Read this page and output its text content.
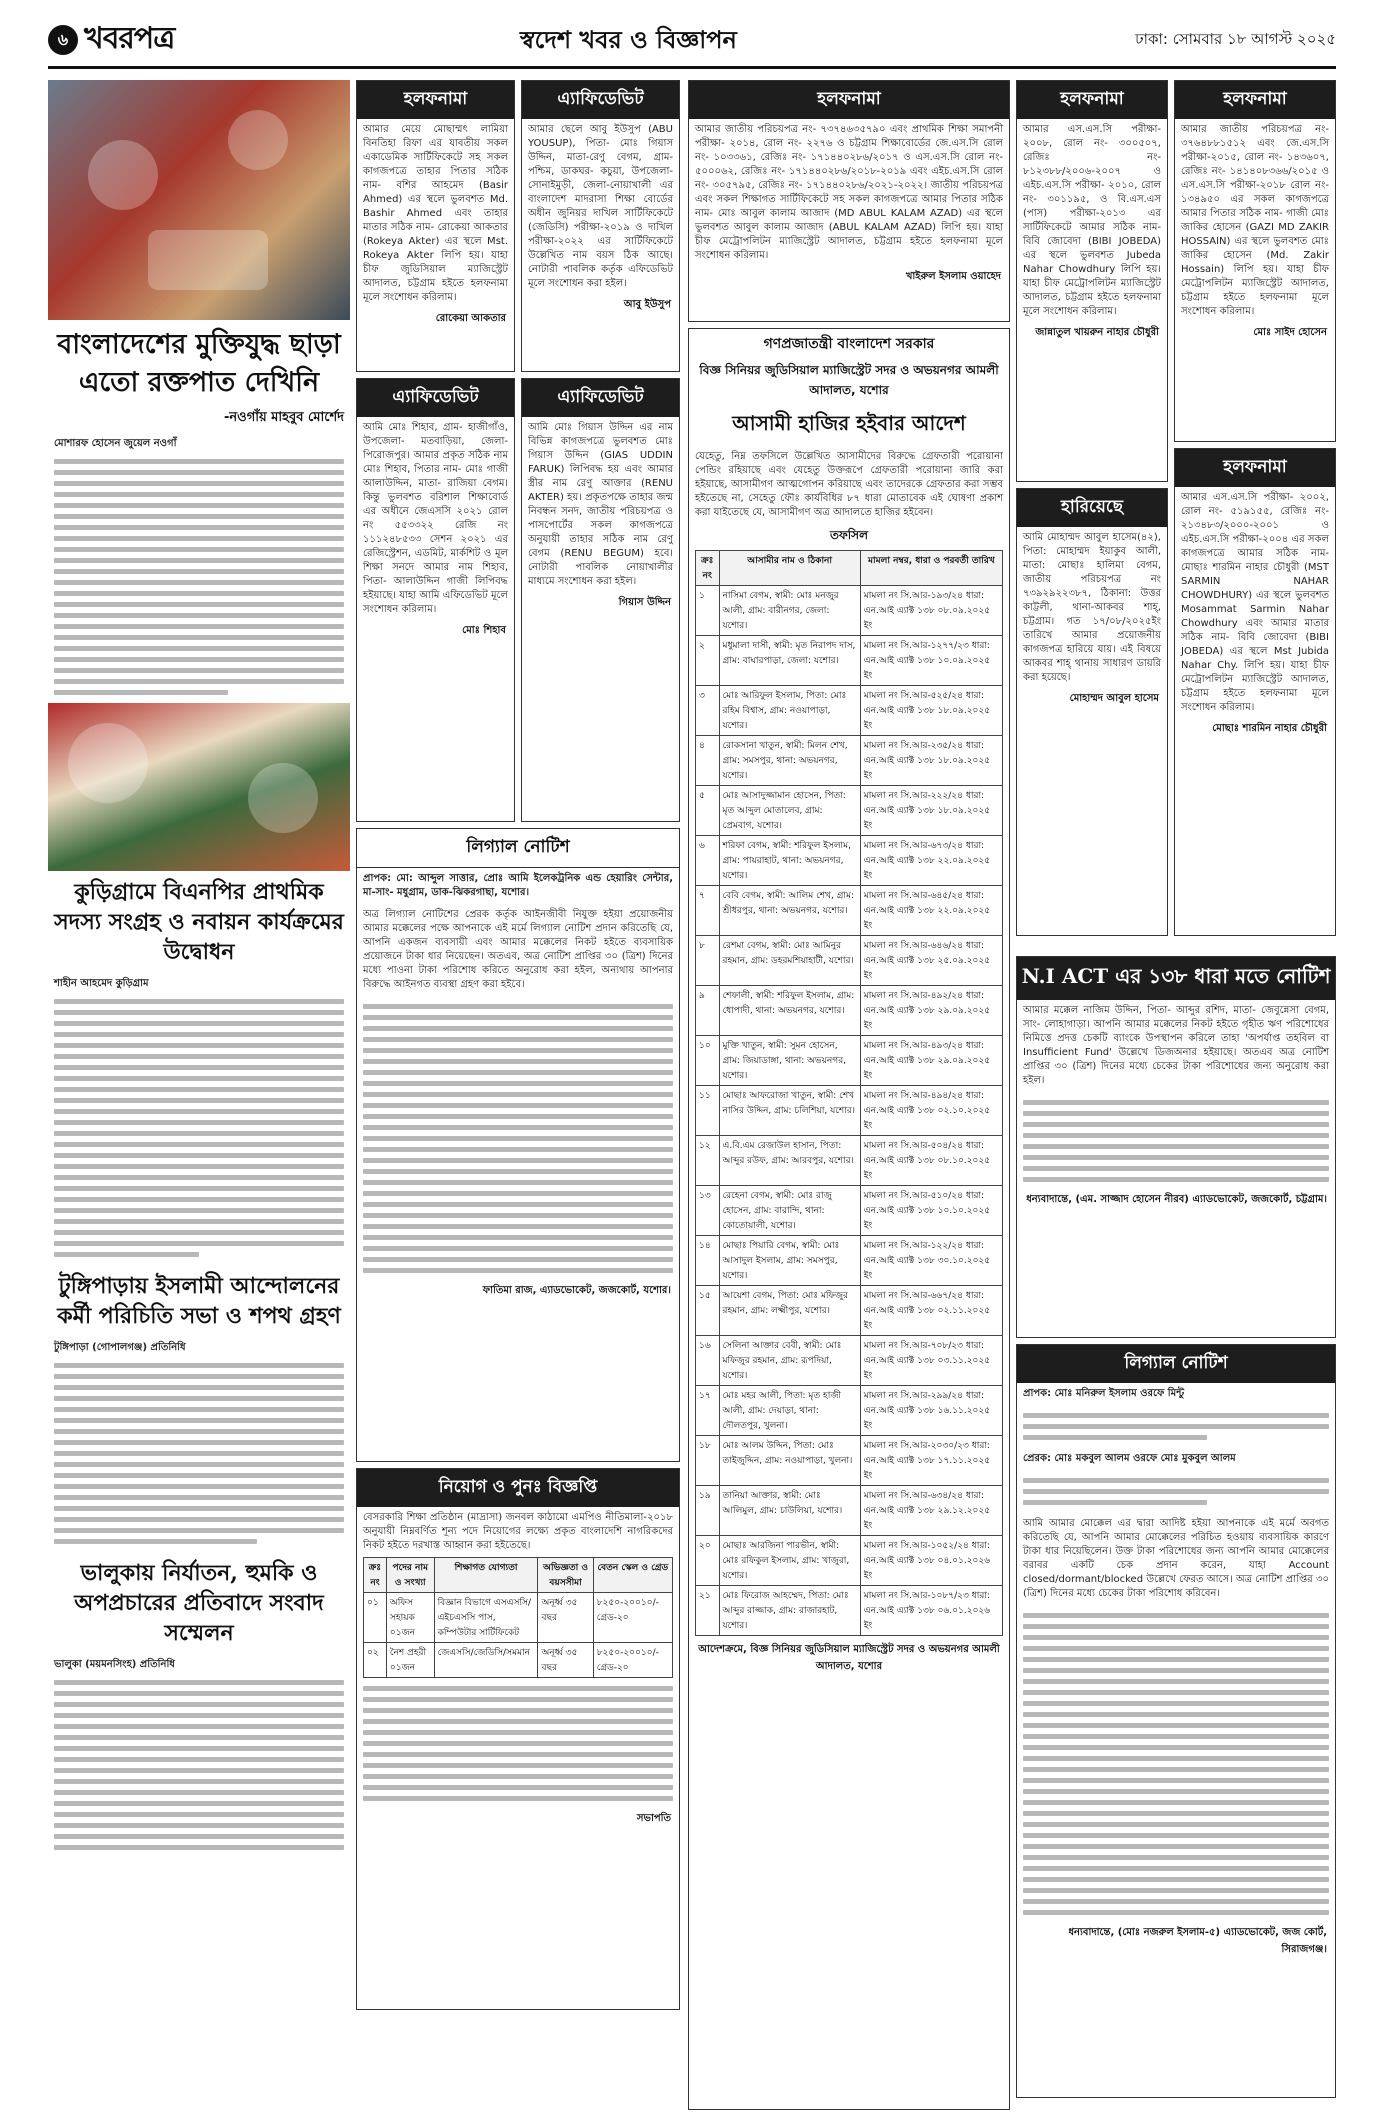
৬ খবরপত্র	স্বদেশ খবর ও বিজ্ঞাপন	ঢাকা: সোমবার ১৮ আগস্ট ২০২৫
বাংলাদেশের মুক্তিযুদ্ধ ছাড়া এতো রক্তপাত দেখিনি
-নওগাঁয় মাহবুব মোর্শেদ
মোশারফ হোসেন জুয়েল নওগাঁ
কুড়িগ্রামে বিএনপির প্রাথমিক সদস্য সংগ্রহ ও নবায়ন কার্যক্রমের উদ্বোধন
শাহীন আহমেদ কুড়িগ্রাম
টুঙ্গিপাড়ায় ইসলামী আন্দোলনের কর্মী পরিচিতি সভা ও শপথ গ্রহণ
টুঙ্গিপাড়া (গোপালগঞ্জ) প্রতিনিধি
ভালুকায় নির্যাতন, হুমকি ও অপপ্রচারের প্রতিবাদে সংবাদ সম্মেলন
ভালুকা (ময়মনসিংহ) প্রতিনিধি
হলফনামা
আমার মেয়ে মোছাম্মৎ লামিয়া বিনতিহা রিফা এর যাবতীয় সকল একাডেমিক সার্টিফিকেটে সহ সকল কাগজপত্রে তাহার পিতার সঠিক নাম- বশির আহমেদ (Basir Ahmed) এর স্থলে ভুলবশত Md. Bashir Ahmed এবং তাহার মাতার সঠিক নাম- রোকেয়া আকতার (Rokeya Akter) এর স্থলে Mst. Rokeya Akter লিপি হয়। যাহা চীফ জুডিসিয়াল ম্যাজিস্ট্রেট আদালত, চট্টগ্রাম হইতে হলফনামা মূলে সংশোধন করিলাম।
রোকেয়া আকতার
এ্যাফিডেভিট
আমি মোঃ শিহাব, গ্রাম- হাজীগাঁও, উপজেলা- মতবাড়িয়া, জেলা-পিরোজপুর। আমার প্রকৃত সঠিক নাম মোঃ শিহাব, পিতার নাম- মোঃ গাজী আলাউদ্দিন, মাতা- রাজিয়া বেগম। কিন্তু ভুলবশত বরিশাল শিক্ষাবোর্ড এর অধীনে জেএসসি ২০২১ রোল নং ৫৫৩৩২২ রেজি নং ১১১২৪৮৫৩৩ সেশন ২০২১ এর রেজিস্ট্রেশন, এডমিট, মার্কশিট ও মূল শিক্ষা সনদে আমার নাম শিহাব, পিতা- আলাউদ্দিন গাজী লিপিবদ্ধ হইয়াছে। যাহা আমি এফিডেভিট মূলে সংশোধন করিলাম।
মোঃ শিহাব
এ্যাফিডেভিট
আমার ছেলে আবু ইউসুপ (ABU YOUSUP), পিতা- মোঃ গিয়াস উদ্দিন, মাতা-রেণু বেগম, গ্রাম-পশ্চিম, ডাকঘর- কচুয়া, উপজেলা- সোনাইমুড়ী, জেলা-নোয়াখালী এর বাংলাদেশ মাদরাসা শিক্ষা বোর্ডের অধীন জুনিয়র দাখিল সার্টিফিকেটে (জেডিসি) পরীক্ষা-২০১৯ ও দাখিল পরীক্ষা-২০২২ এর সার্টিফিকেটে উল্লেখিত নাম বয়স ঠিক আছে। নোটারী পাবলিক কর্তৃক এফিডেভিট মূলে সংশোধন করা হইল।
আবু ইউসুপ
এ্যাফিডেভিট
আমি মোঃ গিয়াস উদ্দিন এর নাম বিভিন্ন কাগজপত্রে ভুলবশত মোঃ গিয়াস উদ্দিন (GIAS UDDIN FARUK) লিপিবদ্ধ হয় এবং আমার স্ত্রীর নাম রেণু আক্তার (RENU AKTER) হয়। প্রকৃতপক্ষে তাহার জন্ম নিবন্ধন সনদ, জাতীয় পরিচয়পত্র ও পাসপোর্টের সকল কাগজপত্রে অনুযায়ী তাহার সঠিক নাম রেণু বেগম (RENU BEGUM) হবে। নোটারী পাবলিক নোয়াখালীর মাধ্যমে সংশোধন করা হইল।
গিয়াস উদ্দিন
লিগ্যাল নোটিশ
প্রাপক: মো: আব্দুল সাত্তার, প্রোঃ আমি ইলেকট্রনিক এন্ড হেয়ারিং সেন্টার, মা-সাং- মধুগ্রাম, ডাক-ঝিকরগাছা, যশোর।
অত্র লিগ্যাল নোটিশের প্রেরক কর্তৃক আইনজীবী নিযুক্ত হইয়া প্রয়োজনীয় আমার মক্কেলের পক্ষে আপনাকে এই মর্মে লিগ্যাল নোটিশ প্রদান করিতেছি যে, আপনি একজন ব্যবসায়ী এবং আমার মক্কেলের নিকট হইতে ব্যবসায়িক প্রয়োজনে টাকা ধার নিয়েছেন। অতএব, অত্র নোটিশ প্রাপ্তির ৩০ (ত্রিশ) দিনের মধ্যে পাওনা টাকা পরিশোধ করিতে অনুরোধ করা হইল, অন্যথায় আপনার বিরুদ্ধে আইনগত ব্যবস্থা গ্রহণ করা হইবে।
ফাতিমা রাজ, এ্যাডভোকেট, জজকোর্ট, যশোর।
নিয়োগ ও পুনঃ বিজ্ঞপ্তি
বেসরকারি শিক্ষা প্রতিষ্ঠান (মাদ্রাসা) জনবল কাঠামো এমপিও নীতিমালা-২০১৮ অনুযায়ী নিম্নবর্ণিত শূন্য পদে নিয়োগের লক্ষ্যে প্রকৃত বাংলাদেশি নাগরিকদের নিকট হইতে দরখাস্ত আহ্বান করা হইতেছে।
ক্রঃ নং	পদের নাম ও সংখ্যা	শিক্ষাগত যোগ্যতা	অভিজ্ঞতা ও বয়সসীমা	বেতন স্কেল ও গ্রেড
০১	অফিস সহায়ক ০১জন	বিজ্ঞান বিভাগে এসএসসি/এইচএসসি পাস, কম্পিউটার সার্টিফিকেট	অনূর্ধ্ব ৩৫ বছর	৮২৫০-২০০১০/- গ্রেড-২০
০২	নৈশ প্রহরী ০১জন	জেএসসি/জেডিসি/সমমান	অনূর্ধ্ব ৩৫ বছর	৮২৫০-২০০১০/- গ্রেড-২০
সভাপতি
হলফনামা
আমার জাতীয় পরিচয়পত্র নং- ৭৩৭৪৬৩৫৭৯০ এবং প্রাথমিক শিক্ষা সমাপনী পরীক্ষা- ২০১৪, রোল নং- ২২৭৬ ও চট্টগ্রাম শিক্ষাবোর্ডের জে.এস.সি রোল নং- ১০৩৩৬১, রেজিঃ নং- ১৭১৪৪০২৮৬/২০১৭ ও এস.এস.সি রোল নং- ৫০০০৬২, রেজিঃ নং- ১৭১৪৪০২৮৬/২০১৮-২০১৯ এবং এইচ.এস.সি রোল নং- ৩০৫৭৯৫, রেজিঃ নং- ১৭১৪৪০২৮৬/২০২১-২০২২। জাতীয় পরিচয়পত্র এবং সকল শিক্ষাগত সার্টিফিকেটে সহ সকল কাগজপত্রে আমার পিতার সঠিক নাম- মোঃ আবুল কালাম আজাদ (MD ABUL KALAM AZAD) এর স্থলে ভুলবশত আবুল কালাম আজাদ (ABUL KALAM AZAD) লিপি হয়। যাহা চীফ মেট্রোপলিটন ম্যাজিস্ট্রেট আদালত, চট্টগ্রাম হইতে হলফনামা মূলে সংশোধন করিলাম।
খাইরুল ইসলাম ওয়াহেদ
গণপ্রজাতন্ত্রী বাংলাদেশ সরকার
বিজ্ঞ সিনিয়র জুডিসিয়াল ম্যাজিস্ট্রেট সদর ও অভয়নগর আমলী আদালত, যশোর
আসামী হাজির হইবার আদেশ
যেহেতু, নিম্ন তফসিলে উল্লেখিত আসামীদের বিরুদ্ধে গ্রেফতারী পরোয়ানা পেন্ডিং রহিয়াছে এবং যেহেতু উক্তরূপে গ্রেফতারী পরোয়ানা জারি করা হইয়াছে, আসামীগণ আত্মগোপন করিয়াছে এবং তাদেরকে গ্রেফতার করা সম্ভব হইতেছে না, সেহেতু ফৌঃ কার্যবিধির ৮৭ ধারা মোতাবেক এই ঘোষণা প্রকাশ করা যাইতেছে যে, আসামীগণ অত্র আদালতে হাজির হইবেন।
তফসিল
ক্রঃ নং	আসামীর নাম ও ঠিকানা	মামলা নম্বর, ধারা ও পরবর্তী তারিখ
১	নাসিমা বেগম, স্বামী: মোঃ মনজুর আলী, গ্রাম: বারীনগর, জেলা: যশোর।	মামলা নং সি.আর-১৯৩/২৪ ধারা: এন.আই এ্যাক্ট ১৩৮ ০৮.০৯.২০২৫ ইং
২	মধুমালা দাসী, স্বামী: মৃত নিরাপদ দাস, গ্রাম: বাঘারপাড়া, জেলা: যশোর।	মামলা নং সি.আর-১২৭৭/২৩ ধারা: এন.আই এ্যাক্ট ১৩৮ ১০.০৯.২০২৫ ইং
৩	মোঃ আরিফুল ইসলাম, পিতা: মোঃ রহিম বিশ্বাস, গ্রাম: নওয়াপাড়া, যশোর।	মামলা নং সি.আর-৫২৫/২৪ ধারা: এন.আই এ্যাক্ট ১৩৮ ১৮.০৯.২০২৫ ইং
৪	রোকসানা খাতুন, স্বামী: মিলন শেখ, গ্রাম: সমসপুর, থানা: অভয়নগর, যশোর।	মামলা নং সি.আর-২৩৫/২৪ ধারা: এন.আই এ্যাক্ট ১৩৮ ১৮.০৯.২০২৫ ইং
৫	মোঃ আসাদুজ্জামান হোসেন, পিতা: মৃত আব্দুল মোতালেব, গ্রাম: প্রেমবাগ, যশোর।	মামলা নং সি.আর-২২২/২৪ ধারা: এন.আই এ্যাক্ট ১৩৮ ১৮.০৯.২০২৫ ইং
৬	শরিফা বেগম, স্বামী: শরিফুল ইসলাম, গ্রাম: পায়রাহাট, থানা: অভয়নগর, যশোর।	মামলা নং সি.আর-৬৭৩/২৪ ধারা: এন.আই এ্যাক্ট ১৩৮ ২২.০৯.২০২৫ ইং
৭	বেবি বেগম, স্বামী: আলিম শেখ, গ্রাম: শ্রীধরপুর, থানা: অভয়নগর, যশোর।	মামলা নং সি.আর-৬৪৫/২৪ ধারা: এন.আই এ্যাক্ট ১৩৮ ২২.০৯.২০২৫ ইং
৮	রেশমা বেগম, স্বামী: মোঃ আমিনুর রহমান, গ্রাম: ডহরমশিয়াহাটী, যশোর।	মামলা নং সি.আর-৬৪৬/২৪ ধারা: এন.আই এ্যাক্ট ১৩৮ ২৫.০৯.২০২৫ ইং
৯	শেফালী, স্বামী: শরিফুল ইসলাম, গ্রাম: ধোপাদী, থানা: অভয়নগর, যশোর।	মামলা নং সি.আর-৪৯২/২৪ ধারা: এন.আই এ্যাক্ট ১৩৮ ২৯.০৯.২০২৫ ইং
১০	মুক্তি খাতুন, স্বামী: সুমন হোসেন, গ্রাম: জিয়াডাঙ্গা, থানা: অভয়নগর, যশোর।	মামলা নং সি.আর-৪৯৩/২৪ ধারা: এন.আই এ্যাক্ট ১৩৮ ২৯.০৯.২০২৫ ইং
১১	মোছাঃ আফরোজা খাতুন, স্বামী: শেখ নাসির উদ্দিন, গ্রাম: চলিশিয়া, যশোর।	মামলা নং সি.আর-৪৯৪/২৪ ধারা: এন.আই এ্যাক্ট ১৩৮ ০২.১০.২০২৫ ইং
১২	এ.বি.এম রেজাউল হাসান, পিতা: আব্দুর রউফ, গ্রাম: আরবপুর, যশোর।	মামলা নং সি.আর-৫০৪/২৪ ধারা: এন.আই এ্যাক্ট ১৩৮ ০৮.১০.২০২৫ ইং
১৩	রেহেনা বেগম, স্বামী: মোঃ রাজু হোসেন, গ্রাম: বারান্দি, থানা: কোতোয়ালী, যশোর।	মামলা নং সি.আর-৫১০/২৪ ধারা: এন.আই এ্যাক্ট ১৩৮ ১০.১০.২০২৫ ইং
১৪	মোছাঃ পিয়ারি বেগম, স্বামী: মোঃ আসাদুল ইসলাম, গ্রাম: সমসপুর, যশোর।	মামলা নং সি.আর-১২২/২৪ ধারা: এন.আই এ্যাক্ট ১৩৮ ৩০.১০.২০২৫ ইং
১৫	আয়েশা বেগম, পিতা: মোঃ মফিজুর রহমান, গ্রাম: লক্ষ্মীপুর, যশোর।	মামলা নং সি.আর-৬৬৭/২৪ ধারা: এন.আই এ্যাক্ট ১৩৮ ০২.১১.২০২৫ ইং
১৬	সেলিনা আক্তার বেবী, স্বামী: মোঃ মফিজুর রহমান, গ্রাম: রূপদিয়া, যশোর।	মামলা নং সি.আর-৭০৮/২৩ ধারা: এন.আই এ্যাক্ট ১৩৮ ০৩.১১.২০২৫ ইং
১৭	মোঃ মহর আলী, পিতা: মৃত হাজী আলী, গ্রাম: দেয়াড়া, থানা: দৌলতপুর, খুলনা।	মামলা নং সি.আর-২৯৯/২৪ ধারা: এন.আই এ্যাক্ট ১৩৮ ১৬.১১.২০২৫ ইং
১৮	মোঃ আলম উদ্দিন, পিতা: মোঃ তাইজুদ্দিন, গ্রাম: নওয়াপাড়া, খুলনা।	মামলা নং সি.আর-২০৩০/২৩ ধারা: এন.আই এ্যাক্ট ১৩৮ ১৭.১১.২০২৫ ইং
১৯	তানিয়া আক্তার, স্বামী: মোঃ আলিমুল, গ্রাম: চাউলিয়া, যশোর।	মামলা নং সি.আর-৬৩৪/২৪ ধারা: এন.আই এ্যাক্ট ১৩৮ ২৯.১২.২০২৫ ইং
২০	মোছাঃ আরজিনা পারভীন, স্বামী: মোঃ রফিকুল ইসলাম, গ্রাম: খাজুরা, যশোর।	মামলা নং সি.আর-১০৫২/২৪ ধারা: এন.আই এ্যাক্ট ১৩৮ ০৪.০১.২০২৬ ইং
২১	মোঃ ফিরোজ আহম্মেদ, পিতা: মোঃ আব্দুর রাজ্জাক, গ্রাম: রাজারহাট, যশোর।	মামলা নং সি.আর-১০৮৭/২৩ ধারা: এন.আই এ্যাক্ট ১৩৮ ০৬.০১.২০২৬ ইং
আদেশক্রমে, বিজ্ঞ সিনিয়র জুডিসিয়াল ম্যাজিস্ট্রেট সদর ও অভয়নগর আমলী আদালত, যশোর
হলফনামা
আমার এস.এস.সি পরীক্ষা- ২০০৮, রোল নং- ৩০০৫০৭, রেজিঃ নং- ৮১২৩৮৮/২০০৬-২০০৭ ও এইচ.এস.সি পরীক্ষা- ২০১০, রোল নং- ৩০১১৯৫, ও বি.এস.এস (পাস) পরীক্ষা-২০১৩ এর সার্টিফিকেটে আমার সঠিক নাম- বিবি জোবেদা (BIBI JOBEDA) এর স্থলে ভুলবশত Jubeda Nahar Chowdhury লিপি হয়। যাহা চীফ মেট্রোপলিটন ম্যাজিস্ট্রেট আদালত, চট্টগ্রাম হইতে হলফনামা মূলে সংশোধন করিলাম।
জান্নাতুল খায়রুন নাহার চৌধুরী
হারিয়েছে
আমি মোহাম্মদ আবুল হাসেম(৪২), পিতা: মোহাম্মদ ইয়াকুব আলী, মাতা: মোছাঃ হালিমা বেগম, জাতীয় পরিচয়পত্র নং ৭৩৯২৯২২৩৮৭, ঠিকানা: উত্তর কাট্টলী, থানা-আকবর শাহ্, চট্টগ্রাম। গত ১৭/০৮/২০২৫ইং তারিখে আমার প্রয়োজনীয় কাগজপত্র হারিয়ে যায়। এই বিষয়ে আকবর শাহ্ থানায় সাধারণ ডায়রি করা হয়েছে।
মোহাম্মদ আবুল হাসেম
হলফনামা
আমার জাতীয় পরিচয়পত্র নং- ৩৭৬৪৮৮১৫১২ এবং জে.এস.সি পরীক্ষা-২০১৫, রোল নং- ১৪৩৬০৭, রেজিঃ নং- ১৪১৪০৮৩৬৬/২০১৫ ও এস.এস.সি পরীক্ষা-২০১৮ রোল নং- ১৩৪৯৫০ এর সকল কাগজপত্রে আমার পিতার সঠিক নাম- গাজী মোঃ জাকির হোসেন (GAZI MD ZAKIR HOSSAIN) এর স্থলে ভুলবশত মোঃ জাকির হোসেন (Md. Zakir Hossain) লিপি হয়। যাহা চীফ মেট্রোপলিটন ম্যাজিস্ট্রেট আদালত, চট্টগ্রাম হইতে হলফনামা মূলে সংশোধন করিলাম।
মোঃ সাইদ হোসেন
হলফনামা
আমার এস.এস.সি পরীক্ষা- ২০০২, রোল নং- ৫১৯১৫৫, রেজিঃ নং- ২১৩৪৮৩/২০০০-২০০১ ও এইচ.এস.সি পরীক্ষা-২০০৪ এর সকল কাগজপত্রে আমার সঠিক নাম- মোছাঃ শারমিন নাহার চৌধুরী (MST SARMIN NAHAR CHOWDHURY) এর স্থলে ভুলবশত Mosammat Sarmin Nahar Chowdhury এবং আমার মাতার সঠিক নাম- বিবি জোবেদা (BIBI JOBEDA) এর স্থলে Mst Jubida Nahar Chy. লিপি হয়। যাহা চীফ মেট্রোপলিটন ম্যাজিস্ট্রেট আদালত, চট্টগ্রাম হইতে হলফনামা মূলে সংশোধন করিলাম।
মোছাঃ শারমিন নাহার চৌধুরী
N.I ACT এর ১৩৮ ধারা মতে নোটিশ
আমার মক্কেল নাজিম উদ্দিন, পিতা- আব্দুর রশিদ, মাতা- জেবুন্নেসা বেগম, সাং- লোহাগাড়া। আপনি আমার মক্কেলের নিকট হইতে গৃহীত ঋণ পরিশোধের নিমিত্তে প্রদত্ত চেকটি ব্যাংকে উপস্থাপন করিলে তাহা 'অপর্যাপ্ত তহবিল বা Insufficient Fund' উল্লেখে ডিজঅনার হইয়াছে। অতএব অত্র নোটিশ প্রাপ্তির ৩০ (ত্রিশ) দিনের মধ্যে চেকের টাকা পরিশোধের জন্য অনুরোধ করা হইল।
ধন্যবাদান্তে, (এম. সাজ্জাদ হোসেন নীরব) এ্যাডভোকেট, জজকোর্ট, চট্টগ্রাম।
লিগ্যাল নোটিশ
প্রাপক: মোঃ মনিরুল ইসলাম ওরফে মিন্টু
প্রেরক: মোঃ মকবুল আলম ওরফে মোঃ মুকবুল আলম
আমি আমার মোক্কেল এর দ্বারা আদিষ্ট হইয়া আপনাকে এই মর্মে অবগত করিতেছি যে, আপনি আমার মোক্কেলের পরিচিত হওয়ায় ব্যবসায়িক কারণে টাকা ধার নিয়েছিলেন। উক্ত টাকা পরিশোধের জন্য আপনি আমার মোক্কেলের বরাবর একটি চেক প্রদান করেন, যাহা Account closed/dormant/blocked উল্লেখে ফেরত আসে। অত্র নোটিশ প্রাপ্তির ৩০ (ত্রিশ) দিনের মধ্যে চেকের টাকা পরিশোধ করিবেন।
ধন্যবাদান্তে, (মোঃ নজরুল ইসলাম-৫) এ্যাডভোকেট, জজ কোর্ট, সিরাজগঞ্জ।
